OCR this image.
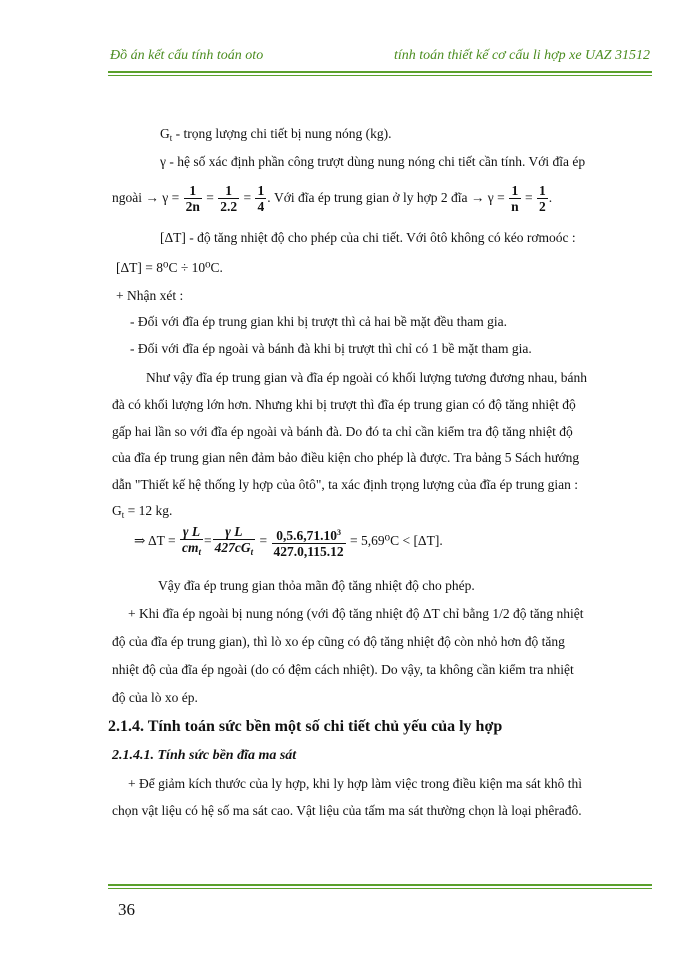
Đồ án kết cấu tính toán oto	tính toán thiết kế cơ cấu li hợp xe UAZ 31512
$G_t$ - trọng lượng chi tiết bị nung nóng (kg).
γ - hệ số xác định phần công trượt dùng nung nóng chi tiết cần tính. Với đĩa ép
ngoài → $\gamma = \frac{1}{2n} = \frac{1}{2.2} = \frac{1}{4}$ . Với đĩa ép trung gian ở ly hợp 2 đĩa → $\gamma = \frac{1}{n} = \frac{1}{2}$ .
[ΔT] - độ tăng nhiệt độ cho phép của chi tiết. Với ôtô không có kéo rơmoóc :
[ΔT] = 8⁰C ÷ 10⁰C.
+ Nhận xét :
- Đối với đĩa ép trung gian khi bị trượt thì cả hai bề mặt đều tham gia.
- Đối với đĩa ép ngoài và bánh đà khi bị trượt thì chỉ có 1 bề mặt tham gia.
Như vậy đĩa ép trung gian và đĩa ép ngoài có khối lượng tương đương nhau, bánh
đà có khối lượng lớn hơn. Nhưng khi bị trượt thì đĩa ép trung gian có độ tăng nhiệt độ
gấp hai lần so với đĩa ép ngoài và bánh đà. Do đó ta chỉ cần kiểm tra độ tăng nhiệt độ
của đĩa ép trung gian nên đảm bảo điều kiện cho phép là được. Tra bảng 5 Sách hướng
dẫn "Thiết kế hệ thống ly hợp của ôtô", ta xác định trọng lượng của đĩa ép trung gian :
$G_t = 12$ kg.
⇒ $\Delta T = \frac{\text{γ L}}{cm_t} = \frac{\text{γ L}}{427cG_t} = \frac{0,5.6,71.10^3}{427.0,115.12} = 5,69^0C < [\Delta T]$.
Vậy đĩa ép trung gian thỏa mãn độ tăng nhiệt độ cho phép.
+ Khi đĩa ép ngoài bị nung nóng (với độ tăng nhiệt độ ΔT chỉ bằng 1/2 độ tăng nhiệt
độ của đĩa ép trung gian), thì lò xo ép cũng có độ tăng nhiệt độ còn nhỏ hơn độ tăng
nhiệt độ của đĩa ép ngoài (do có đệm cách nhiệt). Do vậy, ta không cần kiểm tra nhiệt
độ của lò xo ép.
2.1.4. Tính toán sức bền một số chi tiết chủ yếu của ly hợp
2.1.4.1. Tính sức bền đĩa ma sát
+ Để giảm kích thước của ly hợp, khi ly hợp làm việc trong điều kiện ma sát khô thì
chọn vật liệu có hệ số ma sát cao. Vật liệu của tấm ma sát thường chọn là loại phêrađô.
36
